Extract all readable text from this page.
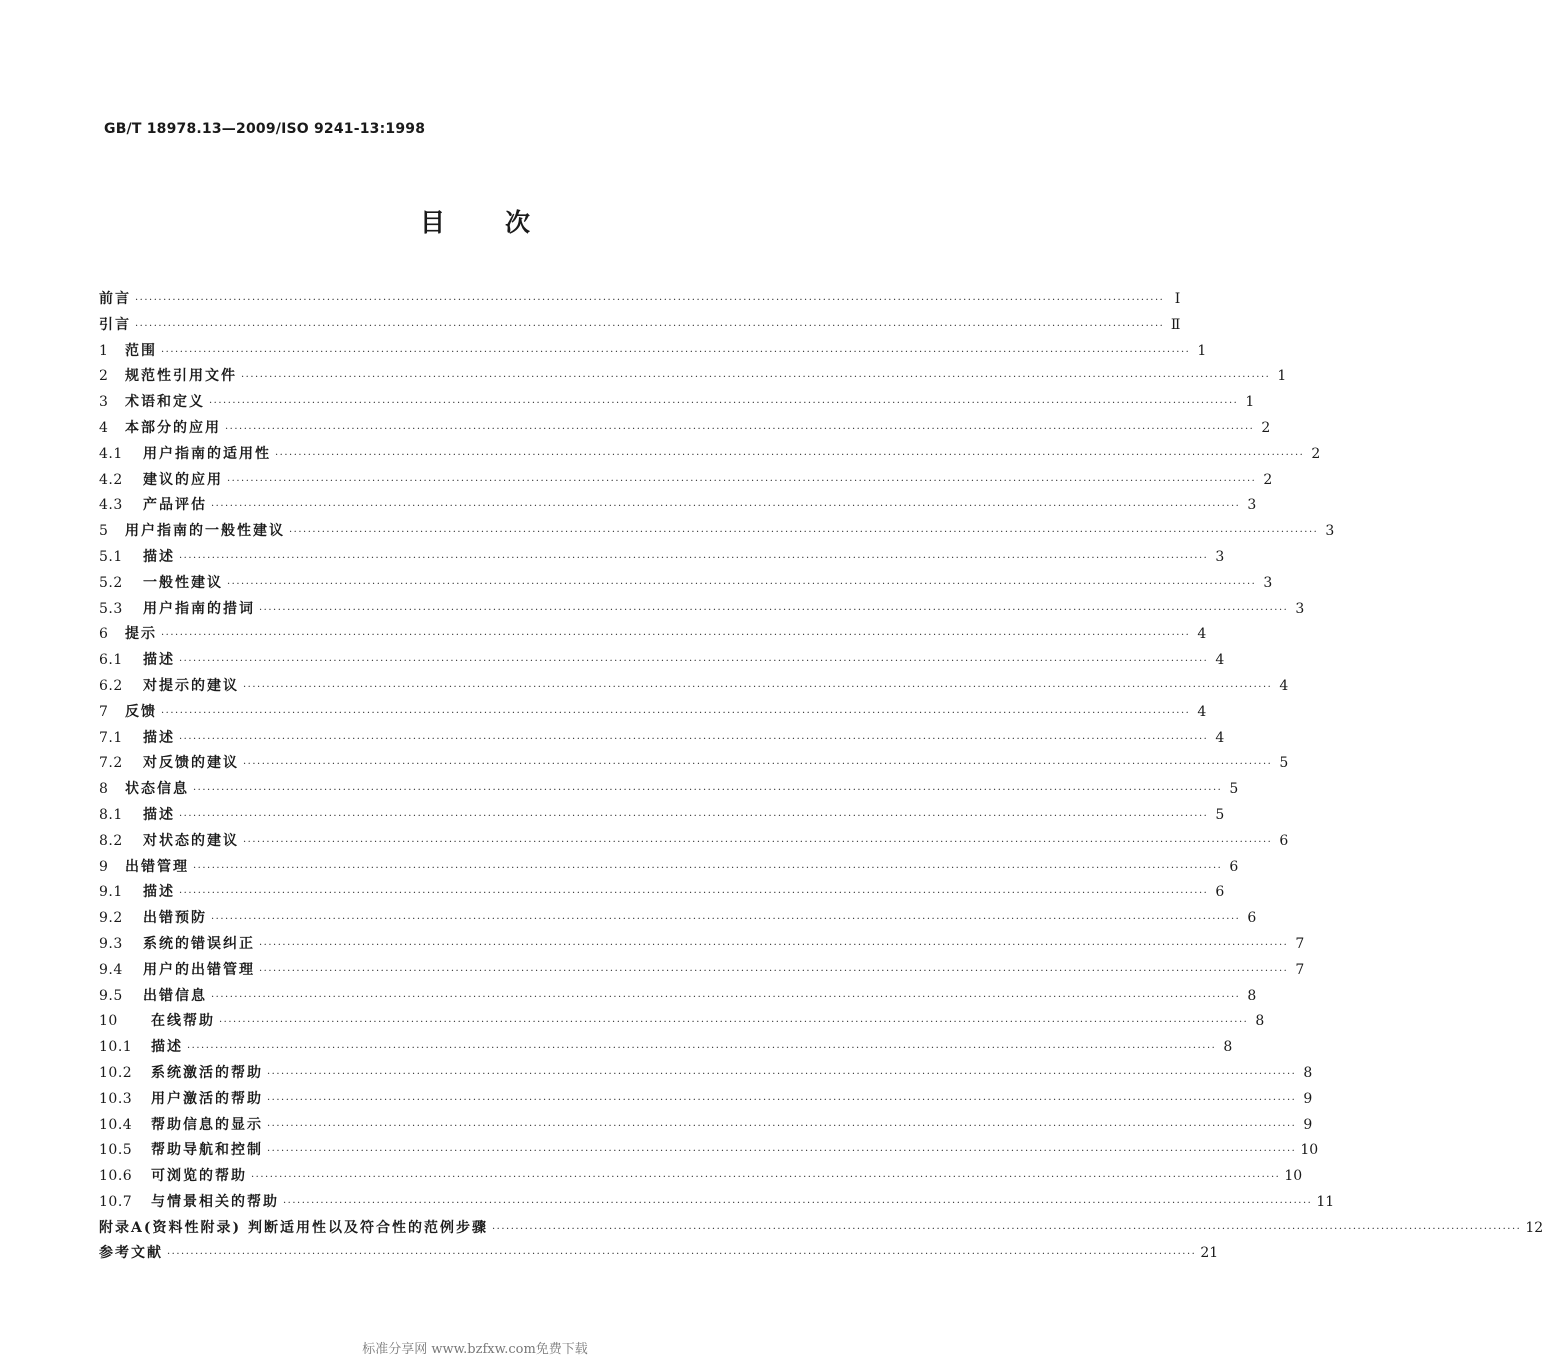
GB/T 18978.13—2009/ISO 9241-13:1998
目 次
前言 ···························································································································································································································· Ⅰ
引言 ···························································································································································································································· Ⅱ
1	范围 ···························································································································································································································· 1
2	规范性引用文件 ···························································································································································································································· 1
3	术语和定义 ···························································································································································································································· 1
4	本部分的应用 ···························································································································································································································· 2
4.1	用户指南的适用性 ···························································································································································································································· 2
4.2	建议的应用 ···························································································································································································································· 2
4.3	产品评估 ···························································································································································································································· 3
5	用户指南的一般性建议 ···························································································································································································································· 3
5.1	描述 ···························································································································································································································· 3
5.2	一般性建议 ···························································································································································································································· 3
5.3	用户指南的措词 ···························································································································································································································· 3
6	提示 ···························································································································································································································· 4
6.1	描述 ···························································································································································································································· 4
6.2	对提示的建议 ···························································································································································································································· 4
7	反馈 ···························································································································································································································· 4
7.1	描述 ···························································································································································································································· 4
7.2	对反馈的建议 ···························································································································································································································· 5
8	状态信息 ···························································································································································································································· 5
8.1	描述 ···························································································································································································································· 5
8.2	对状态的建议 ···························································································································································································································· 6
9	出错管理 ···························································································································································································································· 6
9.1	描述 ···························································································································································································································· 6
9.2	出错预防 ···························································································································································································································· 6
9.3	系统的错误纠正 ···························································································································································································································· 7
9.4	用户的出错管理 ···························································································································································································································· 7
9.5	出错信息 ···························································································································································································································· 8
10	在线帮助 ···························································································································································································································· 8
10.1	描述 ···························································································································································································································· 8
10.2	系统激活的帮助 ···························································································································································································································· 8
10.3	用户激活的帮助 ···························································································································································································································· 9
10.4	帮助信息的显示 ···························································································································································································································· 9
10.5	帮助导航和控制 ···························································································································································································································· 10
10.6	可浏览的帮助 ···························································································································································································································· 10
10.7	与情景相关的帮助 ···························································································································································································································· 11
附录A(资料性附录) 判断适用性以及符合性的范例步骤 ···························································································································································································································· 12
参考文献 ···························································································································································································································· 21
标准分享网 www.bzfxw.com免费下载
